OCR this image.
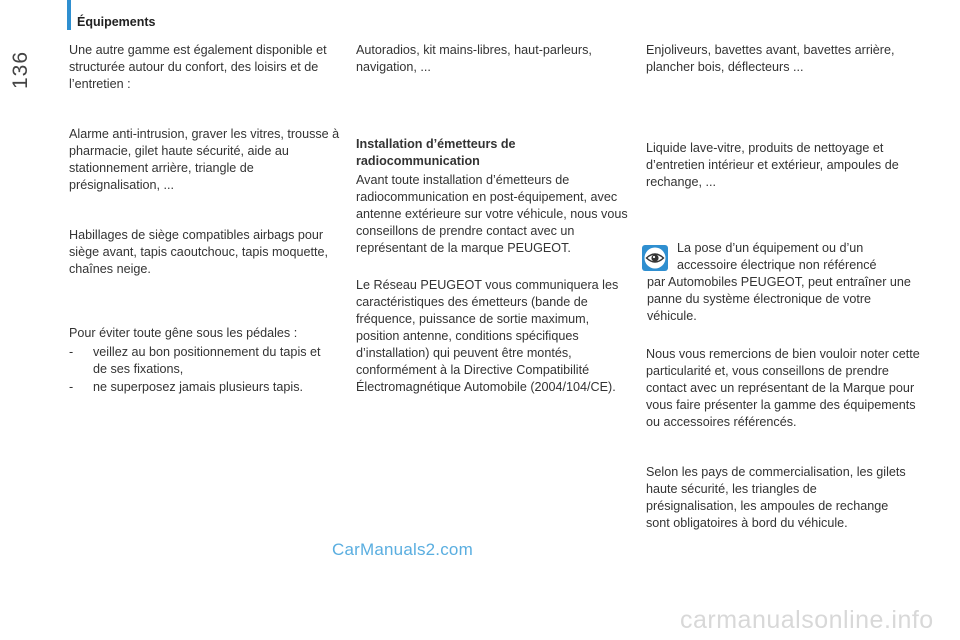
136
Équipements

Une autre gamme est également disponible et structurée autour du confort, des loisirs et de l’entretien :

Alarme anti-intrusion, graver les vitres, trousse à pharmacie, gilet haute sécurité, aide au stationnement arrière, triangle de présignalisation, ...

Habillages de siège compatibles airbags pour siège avant, tapis caoutchouc, tapis moquette, chaînes neige.

Pour éviter toute gêne sous les pédales :

- veillez au bon positionnement du tapis et de ses fixations,
- ne superposez jamais plusieurs tapis.

Autoradios, kit mains-libres, haut-parleurs, navigation, ...

Installation d’émetteurs de radiocommunication

Avant toute installation d’émetteurs de radiocommunication en post-équipement, avec antenne extérieure sur votre véhicule, nous vous conseillons de prendre contact avec un représentant de la marque PEUGEOT.

Le Réseau PEUGEOT vous communiquera les caractéristiques des émetteurs (bande de fréquence, puissance de sortie maximum, position antenne, conditions spécifiques d’installation) qui peuvent être montés, conformément à la Directive Compatibilité Électromagnétique Automobile (2004/104/CE).

Enjoliveurs, bavettes avant, bavettes arrière, plancher bois, déflecteurs ...

Liquide lave-vitre, produits de nettoyage et d’entretien intérieur et extérieur, ampoules de rechange, ...

La pose d’un équipement ou d’un accessoire électrique non référencé

par Automobiles PEUGEOT, peut entraîner une panne du système électronique de votre véhicule.

Nous vous remercions de bien vouloir noter cette particularité et, vous conseillons de prendre contact avec un représentant de la Marque pour vous faire présenter la gamme des équipements ou accessoires référencés.

Selon les pays de commercialisation, les gilets haute sécurité, les triangles de présignalisation, les ampoules de rechange sont obligatoires à bord du véhicule.

CarManuals2.com
carmanualsonline.info
